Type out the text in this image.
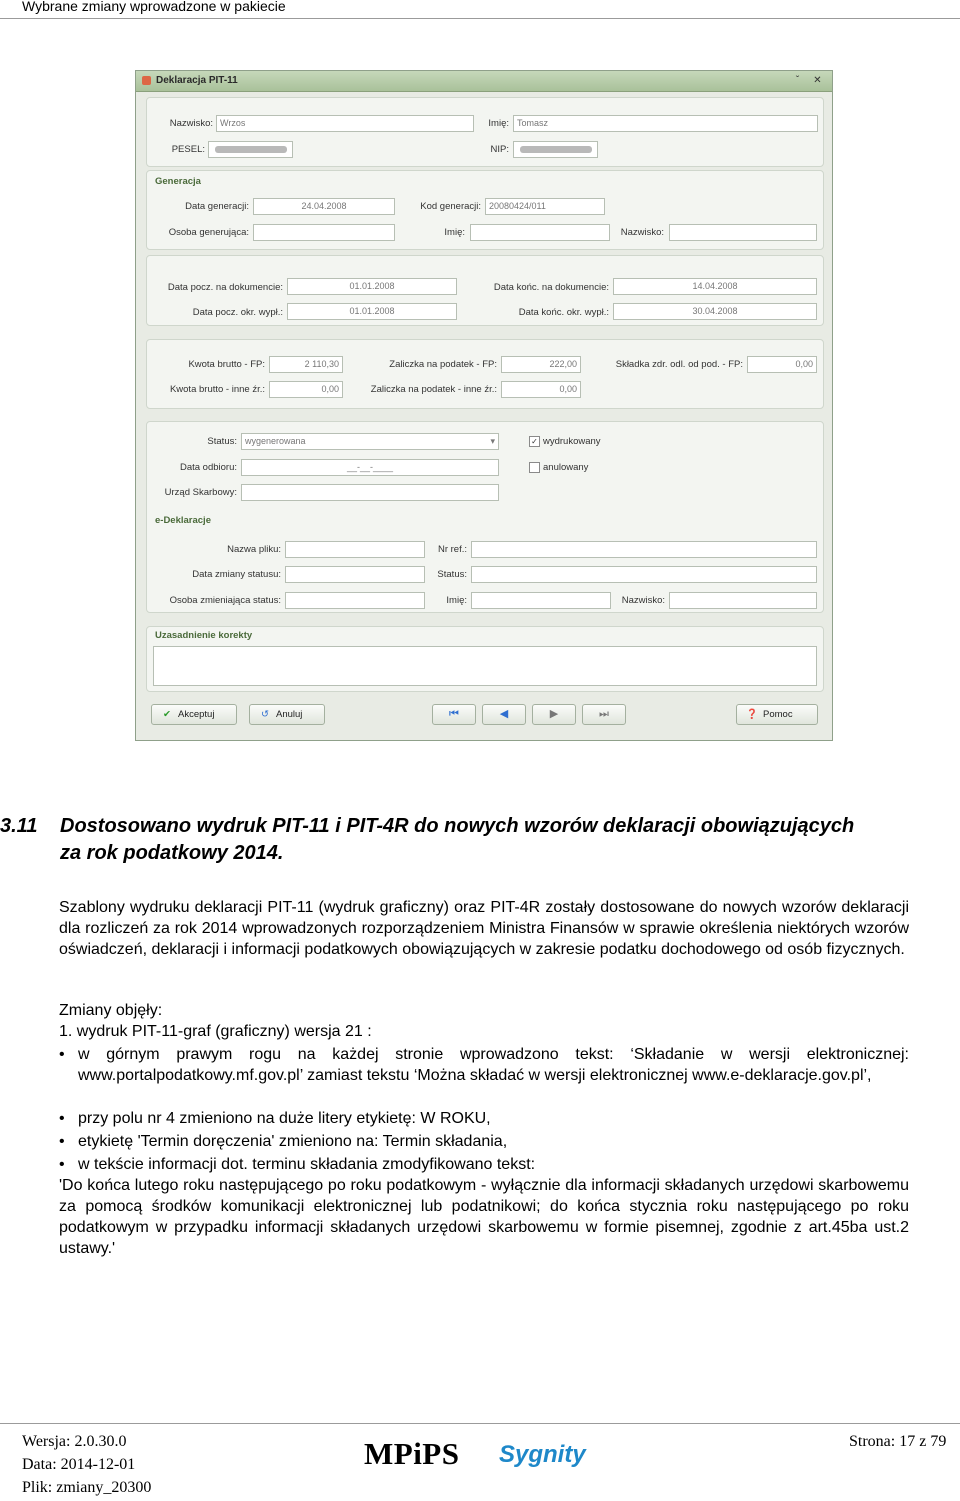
Wybrane zmiany wprowadzone w pakiecie
Deklaracja PIT-11	ˇ	✕
Nazwisko: Wrzos	Imię: Tomasz
PESEL:	NIP:
Generacja
Data generacji:	24.04.2008	Kod generacji: 20080424/011
Osoba generująca:	Imię:	Nazwisko:
Data pocz. na dokumencie:	01.01.2008	Data końc. na dokumencie:	14.04.2008
Data pocz. okr. wypł.:	01.01.2008	Data końc. okr. wypł.:	30.04.2008
Kwota brutto - FP:	2 110,30	Zaliczka na podatek - FP:	222,00	Składka zdr. odl. od pod. - FP:	0,00
Kwota brutto - inne źr.:	0,00	Zaliczka na podatek - inne źr.:	0,00
Status: wygenerowana	▾	✓ wydrukowany
Data odbioru:	__-__-____	anulowany
Urząd Skarbowy:
e-Deklaracje
Nazwa pliku:	Nr ref.:
Data zmiany statusu:	Status:
Osoba zmieniająca status:	Imię:	Nazwisko:
Uzasadnienie korekty
✔ Akceptuj	↺ Anuluj	⏮	◀	▶	⏭	❓ Pomoc
3.11 Dostosowano wydruk PIT-11 i PIT-4R do nowych wzorów deklaracji obowiązujących za rok podatkowy 2014.
Szablony wydruku deklaracji PIT-11 (wydruk graficzny) oraz PIT-4R zostały dostosowane do nowych wzorów deklaracji dla rozliczeń za rok 2014 wprowadzonych rozporządzeniem Ministra Finansów w sprawie określenia niektórych wzorów oświadczeń, deklaracji i informacji podatkowych obowiązujących w zakresie podatku dochodowego od osób fizycznych.
Zmiany objęły:
1. wydruk PIT-11-graf (graficzny) wersja 21 :
• w górnym prawym rogu na każdej stronie wprowadzono tekst: ‘Składanie w wersji elektronicznej: www.portalpodatkowy.mf.gov.pl’ zamiast tekstu ‘Można składać w wersji elektronicznej www.e-deklaracje.gov.pl’,
• przy polu nr 4 zmieniono na duże litery etykietę: W ROKU,
• etykietę 'Termin doręczenia' zmieniono na: Termin składania,
• w tekście informacji dot. terminu składania zmodyfikowano tekst:
'Do końca lutego roku następującego po roku podatkowym - wyłącznie dla informacji składanych urzędowi skarbowemu za pomocą środków komunikacji elektronicznej lub podatnikowi; do końca stycznia roku następującego po roku podatkowym w przypadku informacji składanych urzędowi skarbowemu w formie pisemnej, zgodnie z art.45ba ust.2 ustawy.'
Wersja: 2.0.30.0
Data: 2014-12-01
Plik: zmiany_20300
MPiPS Sygnity	Strona: 17 z 79
